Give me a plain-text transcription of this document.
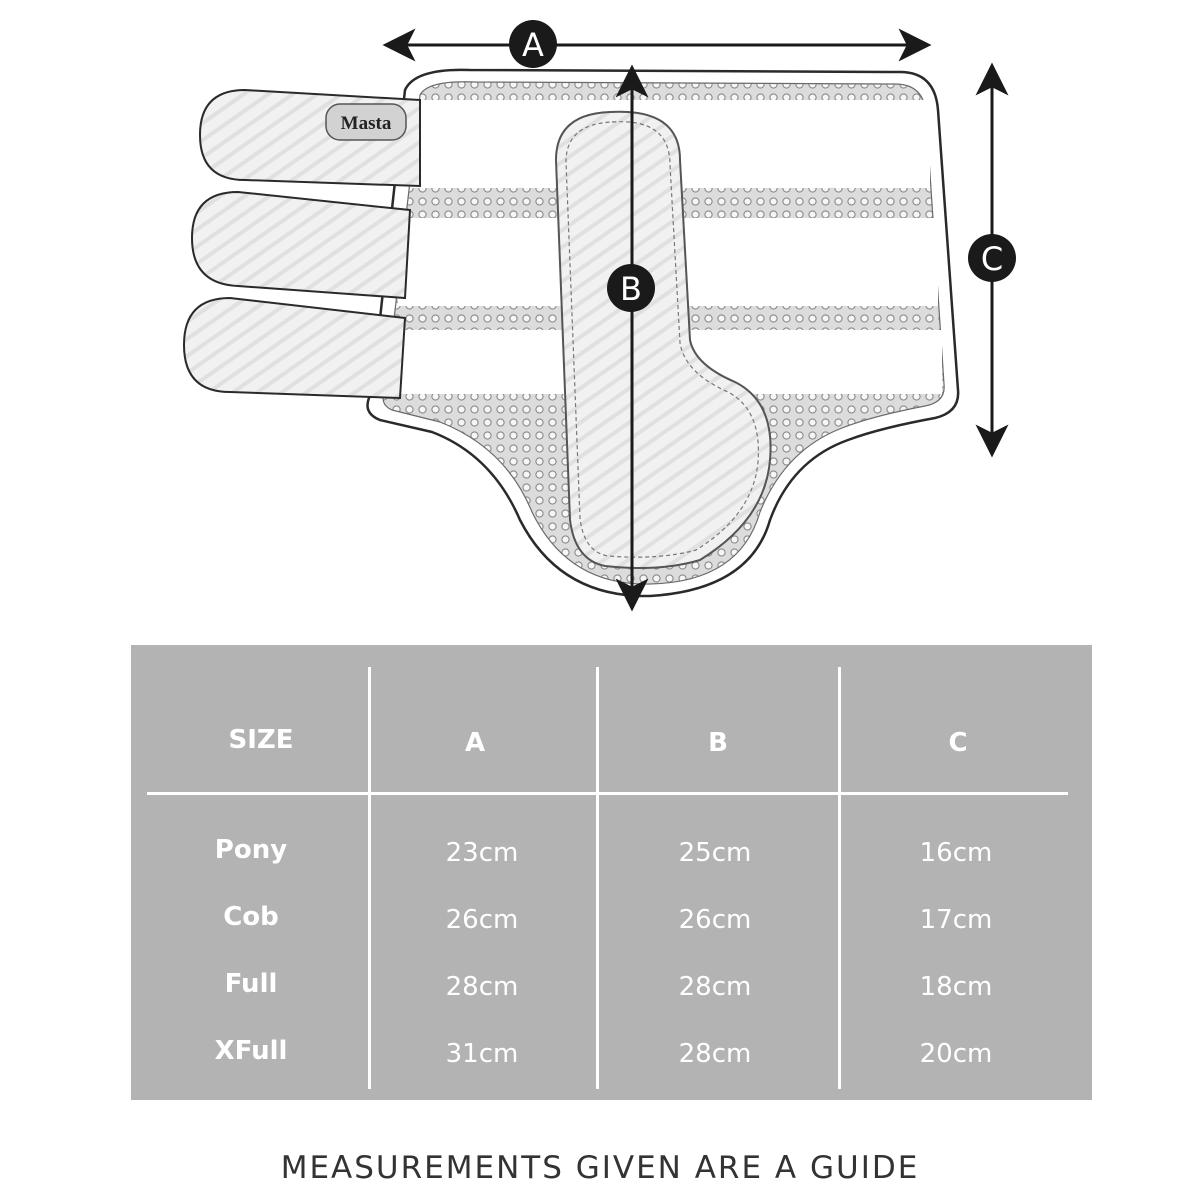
Masta
A
B
C
SIZE	A	B	C
Pony	23cm	25cm	16cm
Cob	26cm	26cm	17cm
Full	28cm	28cm	18cm
XFull	31cm	28cm	20cm
MEASUREMENTS GIVEN ARE A GUIDE
